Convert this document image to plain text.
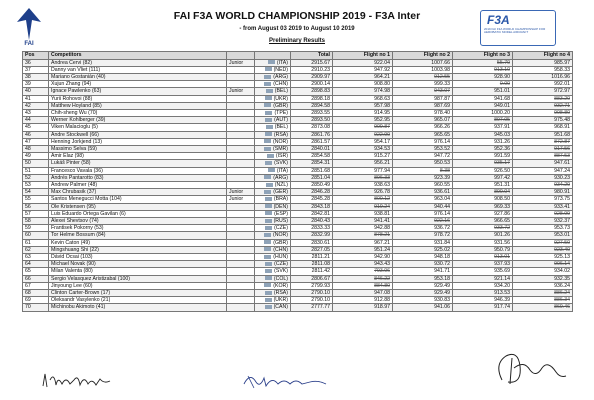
FAI
FAI F3A WORLD CHAMPIONSHIP 2019 - F3A Inter
- from August 03 2019 to August 10 2019
Preliminary Results
F3A
2019 FAI F3A WORLD CHAMPIONSHIP FOR AEROBATIC MODEL AIRCRAFT
Pos	Competitors			Total	Flight no 1	Flight no 2	Flight no 3	Flight no 4
36	Andrea Cervi (82)	Junior	(ITA)	2915.67	922.04	1007.66	55.70	985.97
37	Danny van Vliet (111)		(NED)	2910.23	947.92	1003.98	913.10	958.33
38	Mariano Gostanián (40)		(ARG)	2909.97	964.21	912.55	928.90	1016.96
39	Xujun Zhang (94)		(CHN)	2900.14	908.80	999.33	0.00	992.01
40	Ignace Pawlenko (63)	Junior	(BEL)	2898.83	974.98	943.07	951.01	972.97
41	Yurii Rohovoi (88)		(UKR)	2898.18	968.63	987.87	941.68	883.20
42	Matthew Hoyland (85)		(GBR)	2894.58	957.98	987.69	949.01	932.71
43	Chih-sheng Wu (70)		(TPE)	2893.55	914.95	978.40	1000.20	908.80
44	Werner Kohlberger (39)		(AUT)	2893.50	952.95	965.07	897.05	975.48
45	Viken Malacioglu (5)		(BEL)	2873.08	909.87	966.26	937.91	968.91
46	Andre Stockwell (66)		(RSA)	2861.76	922.90	965.65	945.03	951.68
47	Henning Jorkjend (13)		(NOR)	2861.57	954.17	976.14	931.26	872.87
48	Massimo Selva (59)		(SMR)	2840.01	934.53	953.52	952.36	917.56
49	Amir Elaz (98)		(ISR)	2854.58	915.27	947.72	991.59	887.53
50	Lukáš Pinter (58)		(SVK)	2854.31	956.21	950.53	935.17	947.61
51	Francesco Vavala (36)		(ITA)	2851.68	977.94	8.38	926.50	947.24
52	Andrés Pantarotto (83)		(ARG)	2851.04	896.33	923.39	997.42	930.23
53	Andrew Palmer (48)		(NZL)	2850.49	938.63	960.55	951.31	934.20
54	Max Chrubasik (37)	Junior	(GER)	2846.28	926.78	936.61	890.04	980.91
55	Santos Menegucci Motta (104)	Junior	(BRA)	2845.28	800.12	963.04	908.50	973.75
56	Ole Kristensen (95)		(DEN)	2843.18	919.24	940.44	969.33	933.41
57	Luis Eduardo Ortega Gavilan (6)		(ESP)	2842.81	938.81	976.14	927.86	928.99
58	Alexei Shevtsov (74)		(RUS)	2840.43	941.41	922.16	966.65	932.37
59	Frantisek Pokorny (53)		(CZE)	2833.33	942.88	936.72	933.72	953.73
60	Tor Helme Bossum (84)		(NOR)	2832.99	878.21	978.72	901.26	953.01
61	Kevin Caton (49)		(GBR)	2830.61	967.21	931.84	931.56	927.50
62	Mingshuang Shi (22)		(CHN)	2827.05	951.24	925.02	950.79	923.40
63	Dávid Ocsai (103)		(HUN)	2811.21	942.90	948.18	913.01	925.13
64	Michael Novak (90)		(CZE)	2811.08	943.43	930.72	937.93	906.14
65	Milan Valenta (80)		(SVK)	2811.42	793.96	941.71	935.69	934.02
66	Sergio Velasquez Aristizabal (100)		(COL)	2806.67	846.22	953.18	921.14	932.35
67	Jinyoung Lee (60)		(KOR)	2799.93	884.80	929.49	934.20	936.24
68	Clinton Carter-Brown (17)		(RSA)	2790.10	947.08	929.49	913.53	886.24
69	Oleksandr Vasylenko (21)		(UKR)	2790.10	912.88	930.83	946.39	886.34
70	Michinobu Akimoto (41)		(CAN)	2777.77	918.97	941.06	917.74	869.46
